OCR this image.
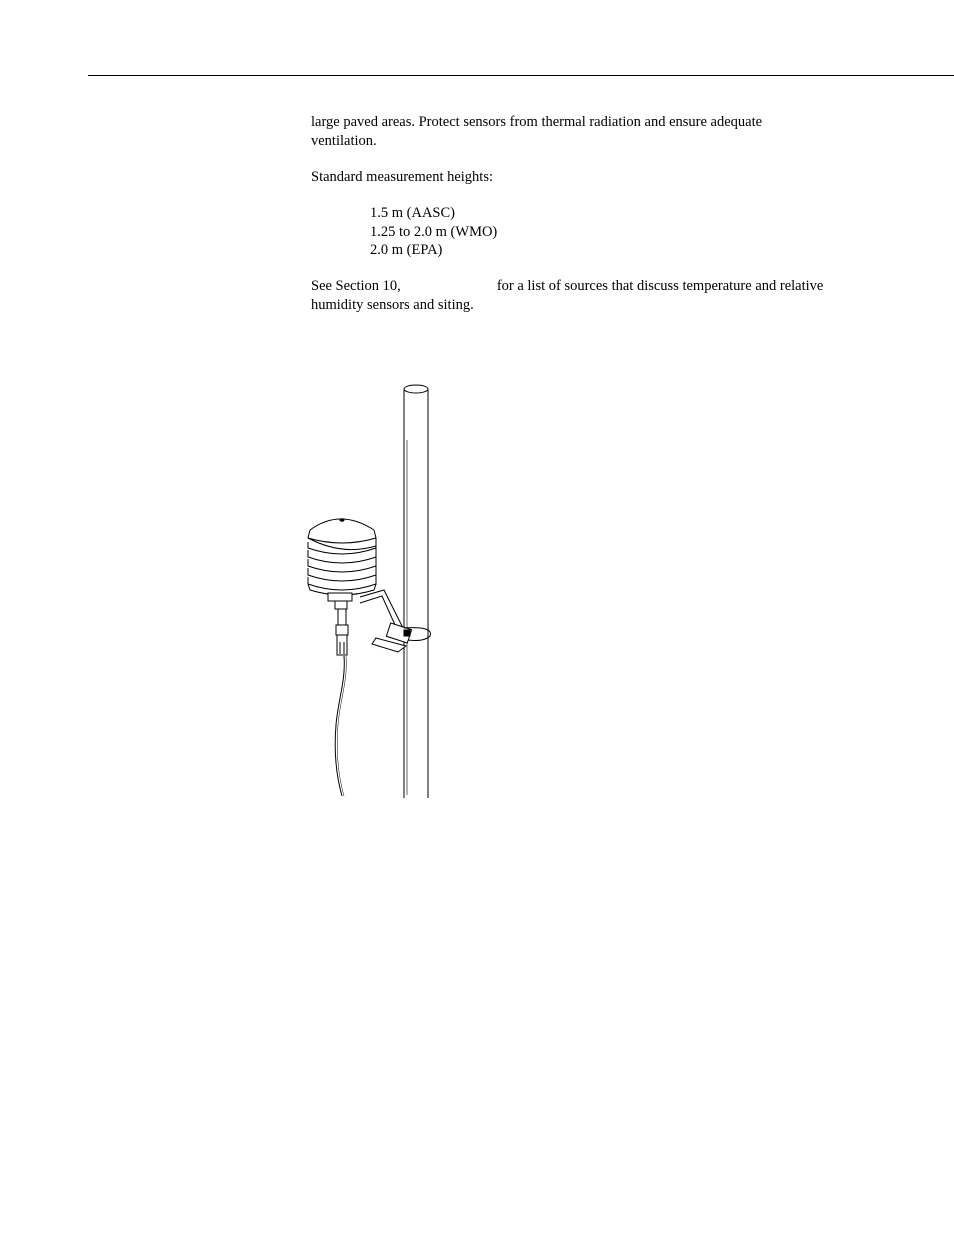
large paved areas. Protect sensors from thermal radiation and ensure adequate ventilation.

Standard measurement heights:

1.5 m (AASC)
1.25 to 2.0 m (WMO)
2.0 m (EPA)

See Section 10,	for a list of sources that discuss temperature and relative humidity sensors and siting.
